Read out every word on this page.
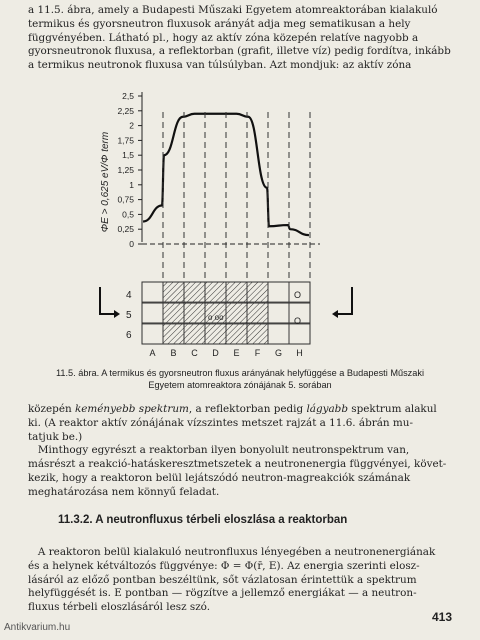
a 11.5. ábra, amely a Budapesti Műszaki Egyetem atomreaktorában kialakuló
termikus és gyorsneutron fluxusok arányát adja meg sematikusan a hely
függvényében. Látható pl., hogy az aktív zóna közepén relatíve nagyobb a
gyorsneutronok fluxusa, a reflektorban (grafit, illetve víz) pedig fordítva, inkább
a termikus neutronok fluxusa van túlsúlyban. Azt mondjuk: az aktív zóna
0
0,25
0,5
0,75
1
1,25
1,5
1,75
2
2,25
2,5
ΦE > 0,625 eV/Φ term
4
5
6
o oo
O
O
A B C D E F G H
11.5. ábra. A termikus és gyorsneutron fluxus arányának helyfüggése a Budapesti Műszaki
Egyetem atomreaktora zónájának 5. sorában
közepén keményebb spektrum, a reflektorban pedig lágyabb spektrum alakul
ki. (A reaktor aktív zónájának vízszintes metszet rajzát a 11.6. ábrán mu-
tatjuk be.)
Minthogy egyrészt a reaktorban ilyen bonyolult neutronspektrum van,
másrészt a reakció-hatáskeresztmetszetek a neutronenergia függvényei, követ-
kezik, hogy a reaktoron belül lejátszódó neutron-magreakciók számának
meghatározása nem könnyű feladat.
11.3.2. A neutronfluxus térbeli eloszlása a reaktorban
A reaktoron belül kialakuló neutronfluxus lényegében a neutronenergiának
és a helynek kétváltozós függvénye: Φ = Φ(r̄, E). Az energia szerinti elosz-
lásáról az előző pontban beszéltünk, sőt vázlatosan érintettük a spektrum
helyfüggését is. E pontban — rögzítve a jellemző energiákat — a neutron-
fluxus térbeli eloszlásáról lesz szó.
413
Antikvarium.hu
